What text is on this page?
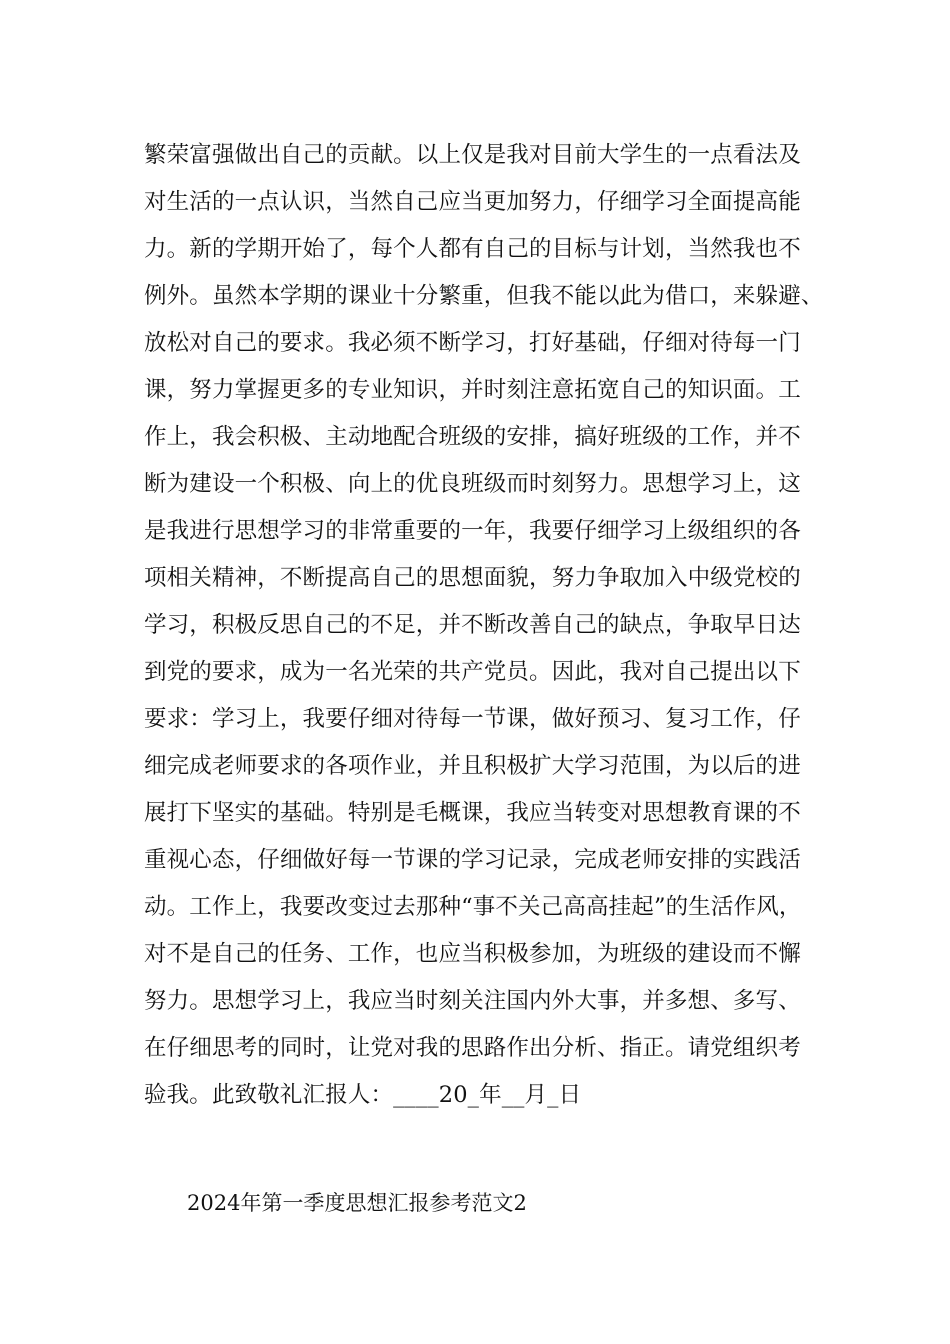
繁荣富强做出自己的贡献。以上仅是我对目前大学生的一点看法及
对生活的一点认识，当然自己应当更加努力，仔细学习全面提高能
力。新的学期开始了，每个人都有自己的目标与计划，当然我也不
例外。虽然本学期的课业十分繁重，但我不能以此为借口，来躲避、
放松对自己的要求。我必须不断学习，打好基础，仔细对待每一门
课，努力掌握更多的专业知识，并时刻注意拓宽自己的知识面。工
作上，我会积极、主动地配合班级的安排，搞好班级的工作，并不
断为建设一个积极、向上的优良班级而时刻努力。思想学习上，这
是我进行思想学习的非常重要的一年，我要仔细学习上级组织的各
项相关精神，不断提高自己的思想面貌，努力争取加入中级党校的
学习，积极反思自己的不足，并不断改善自己的缺点，争取早日达
到党的要求，成为一名光荣的共产党员。因此，我对自己提出以下
要求：学习上，我要仔细对待每一节课，做好预习、复习工作，仔
细完成老师要求的各项作业，并且积极扩大学习范围，为以后的进
展打下坚实的基础。特别是毛概课，我应当转变对思想教育课的不
重视心态，仔细做好每一节课的学习记录，完成老师安排的实践活
动。工作上，我要改变过去那种“事不关己高高挂起”的生活作风，
对不是自己的任务、工作，也应当积极参加，为班级的建设而不懈
努力。思想学习上，我应当时刻关注国内外大事，并多想、多写、
在仔细思考的同时，让党对我的思路作出分析、指正。请党组织考
验我。此致敬礼汇报人：____20_年__月_日
2024年第一季度思想汇报参考范文2
